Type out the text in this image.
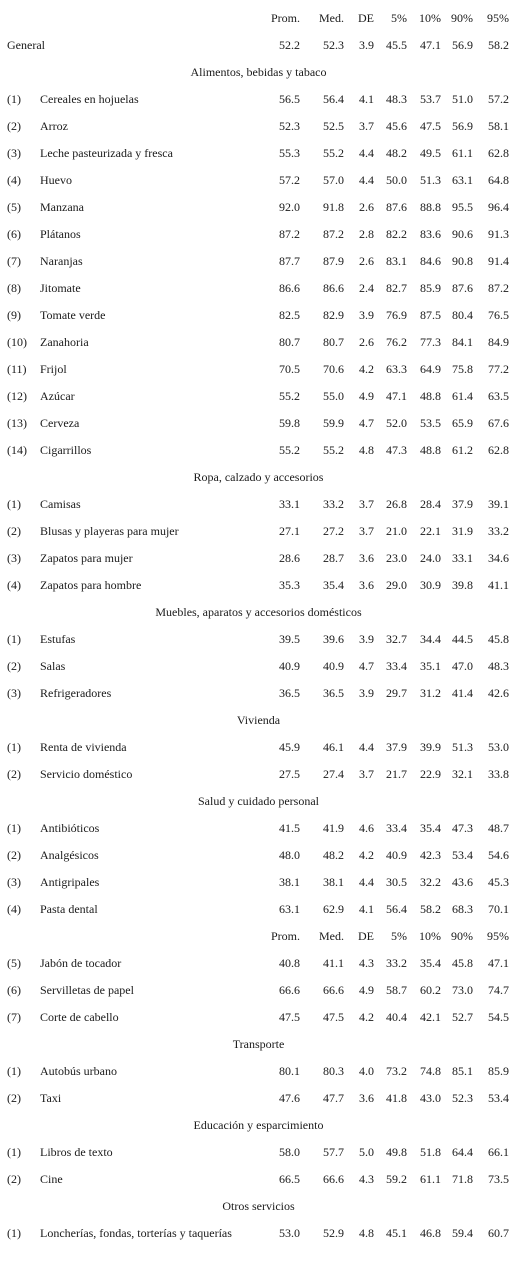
Prom. Med. DE 5% 10% 90% 95%
General	52.2 52.3 3.9 45.5 47.1 56.9 58.2
Alimentos, bebidas y tabaco
(1) Cereales en hojuelas	56.5 56.4 4.1 48.3 53.7 51.0 57.2
(2) Arroz	52.3 52.5 3.7 45.6 47.5 56.9 58.1
(3) Leche pasteurizada y fresca	55.3 55.2 4.4 48.2 49.5 61.1 62.8
(4) Huevo	57.2 57.0 4.4 50.0 51.3 63.1 64.8
(5) Manzana	92.0 91.8 2.6 87.6 88.8 95.5 96.4
(6) Plátanos	87.2 87.2 2.8 82.2 83.6 90.6 91.3
(7) Naranjas	87.7 87.9 2.6 83.1 84.6 90.8 91.4
(8) Jitomate	86.6 86.6 2.4 82.7 85.9 87.6 87.2
(9) Tomate verde	82.5 82.9 3.9 76.9 87.5 80.4 76.5
(10) Zanahoria	80.7 80.7 2.6 76.2 77.3 84.1 84.9
(11) Frijol	70.5 70.6 4.2 63.3 64.9 75.8 77.2
(12) Azúcar	55.2 55.0 4.9 47.1 48.8 61.4 63.5
(13) Cerveza	59.8 59.9 4.7 52.0 53.5 65.9 67.6
(14) Cigarrillos	55.2 55.2 4.8 47.3 48.8 61.2 62.8
Ropa, calzado y accesorios
(1) Camisas	33.1 33.2 3.7 26.8 28.4 37.9 39.1
(2) Blusas y playeras para mujer	27.1 27.2 3.7 21.0 22.1 31.9 33.2
(3) Zapatos para mujer	28.6 28.7 3.6 23.0 24.0 33.1 34.6
(4) Zapatos para hombre	35.3 35.4 3.6 29.0 30.9 39.8 41.1
Muebles, aparatos y accesorios domésticos
(1) Estufas	39.5 39.6 3.9 32.7 34.4 44.5 45.8
(2) Salas	40.9 40.9 4.7 33.4 35.1 47.0 48.3
(3) Refrigeradores	36.5 36.5 3.9 29.7 31.2 41.4 42.6
Vivienda
(1) Renta de vivienda	45.9 46.1 4.4 37.9 39.9 51.3 53.0
(2) Servicio doméstico	27.5 27.4 3.7 21.7 22.9 32.1 33.8
Salud y cuidado personal
(1) Antibióticos	41.5 41.9 4.6 33.4 35.4 47.3 48.7
(2) Analgésicos	48.0 48.2 4.2 40.9 42.3 53.4 54.6
(3) Antigripales	38.1 38.1 4.4 30.5 32.2 43.6 45.3
(4) Pasta dental	63.1 62.9 4.1 56.4 58.2 68.3 70.1
Prom. Med. DE 5% 10% 90% 95%
(5) Jabón de tocador	40.8 41.1 4.3 33.2 35.4 45.8 47.1
(6) Servilletas de papel	66.6 66.6 4.9 58.7 60.2 73.0 74.7
(7) Corte de cabello	47.5 47.5 4.2 40.4 42.1 52.7 54.5
Transporte
(1) Autobús urbano	80.1 80.3 4.0 73.2 74.8 85.1 85.9
(2) Taxi	47.6 47.7 3.6 41.8 43.0 52.3 53.4
Educación y esparcimiento
(1) Libros de texto	58.0 57.7 5.0 49.8 51.8 64.4 66.1
(2) Cine	66.5 66.6 4.3 59.2 61.1 71.8 73.5
Otros servicios
(1) Loncherías, fondas, torterías y taquerías	53.0 52.9 4.8 45.1 46.8 59.4 60.7
